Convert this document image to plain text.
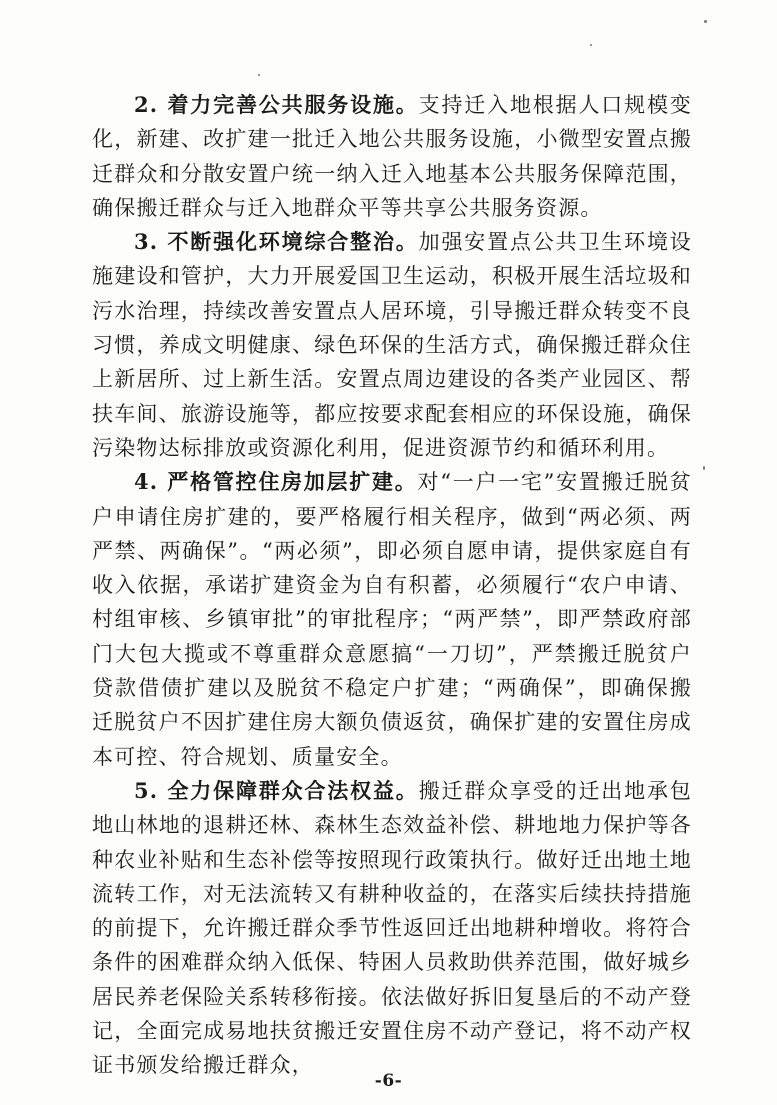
2. 着力完善公共服务设施。支持迁入地根据人口规模变化，新建、改扩建一批迁入地公共服务设施，小微型安置点搬迁群众和分散安置户统一纳入迁入地基本公共服务保障范围，确保搬迁群众与迁入地群众平等共享公共服务资源。

3. 不断强化环境综合整治。加强安置点公共卫生环境设施建设和管护，大力开展爱国卫生运动，积极开展生活垃圾和污水治理，持续改善安置点人居环境，引导搬迁群众转变不良习惯，养成文明健康、绿色环保的生活方式，确保搬迁群众住上新居所、过上新生活。安置点周边建设的各类产业园区、帮扶车间、旅游设施等，都应按要求配套相应的环保设施，确保污染物达标排放或资源化利用，促进资源节约和循环利用。

4. 严格管控住房加层扩建。对“一户一宅”安置搬迁脱贫户申请住房扩建的，要严格履行相关程序，做到“两必须、两严禁、两确保”。“两必须”，即必须自愿申请，提供家庭自有收入依据，承诺扩建资金为自有积蓄，必须履行“农户申请、村组审核、乡镇审批”的审批程序；“两严禁”，即严禁政府部门大包大揽或不尊重群众意愿搞“一刀切”，严禁搬迁脱贫户贷款借债扩建以及脱贫不稳定户扩建；“两确保”，即确保搬迁脱贫户不因扩建住房大额负债返贫，确保扩建的安置住房成本可控、符合规划、质量安全。

5. 全力保障群众合法权益。搬迁群众享受的迁出地承包地山林地的退耕还林、森林生态效益补偿、耕地地力保护等各种农业补贴和生态补偿等按照现行政策执行。做好迁出地土地流转工作，对无法流转又有耕种收益的，在落实后续扶持措施的前提下，允许搬迁群众季节性返回迁出地耕种增收。将符合条件的困难群众纳入低保、特困人员救助供养范围，做好城乡居民养老保险关系转移衔接。依法做好拆旧复垦后的不动产登记，全面完成易地扶贫搬迁安置住房不动产登记，将不动产权证书颁发给搬迁群众，

-6-
